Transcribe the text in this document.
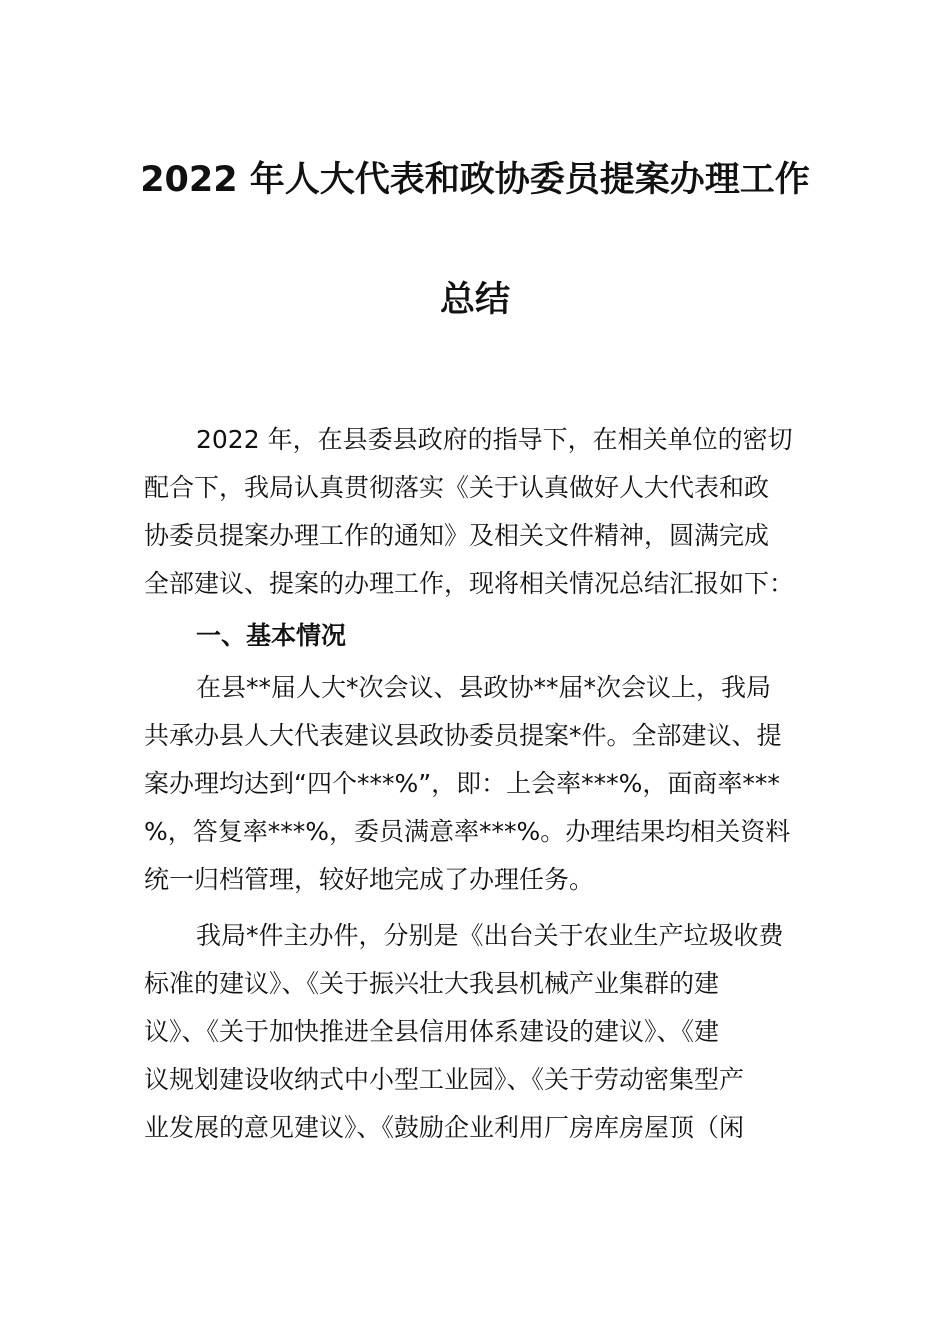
2022 年人大代表和政协委员提案办理工作
总结
2022 年，在县委县政府的指导下，在相关单位的密切
配合下，我局认真贯彻落实《关于认真做好人大代表和政
协委员提案办理工作的通知》及相关文件精神，圆满完成
全部建议、提案的办理工作，现将相关情况总结汇报如下：
一、基本情况
在县**届人大*次会议、县政协**届*次会议上，我局
共承办县人大代表建议县政协委员提案*件。全部建议、提
案办理均达到“四个***%”，即：上会率***%，面商率***
%，答复率***%，委员满意率***%。办理结果均相关资料
统一归档管理，较好地完成了办理任务。
我局*件主办件，分别是《出台关于农业生产垃圾收费
标准的建议》、《关于振兴壮大我县机械产业集群的建
议》、《关于加快推进全县信用体系建设的建议》、《建
议规划建设收纳式中小型工业园》、《关于劳动密集型产
业发展的意见建议》、《鼓励企业利用厂房库房屋顶（闲
